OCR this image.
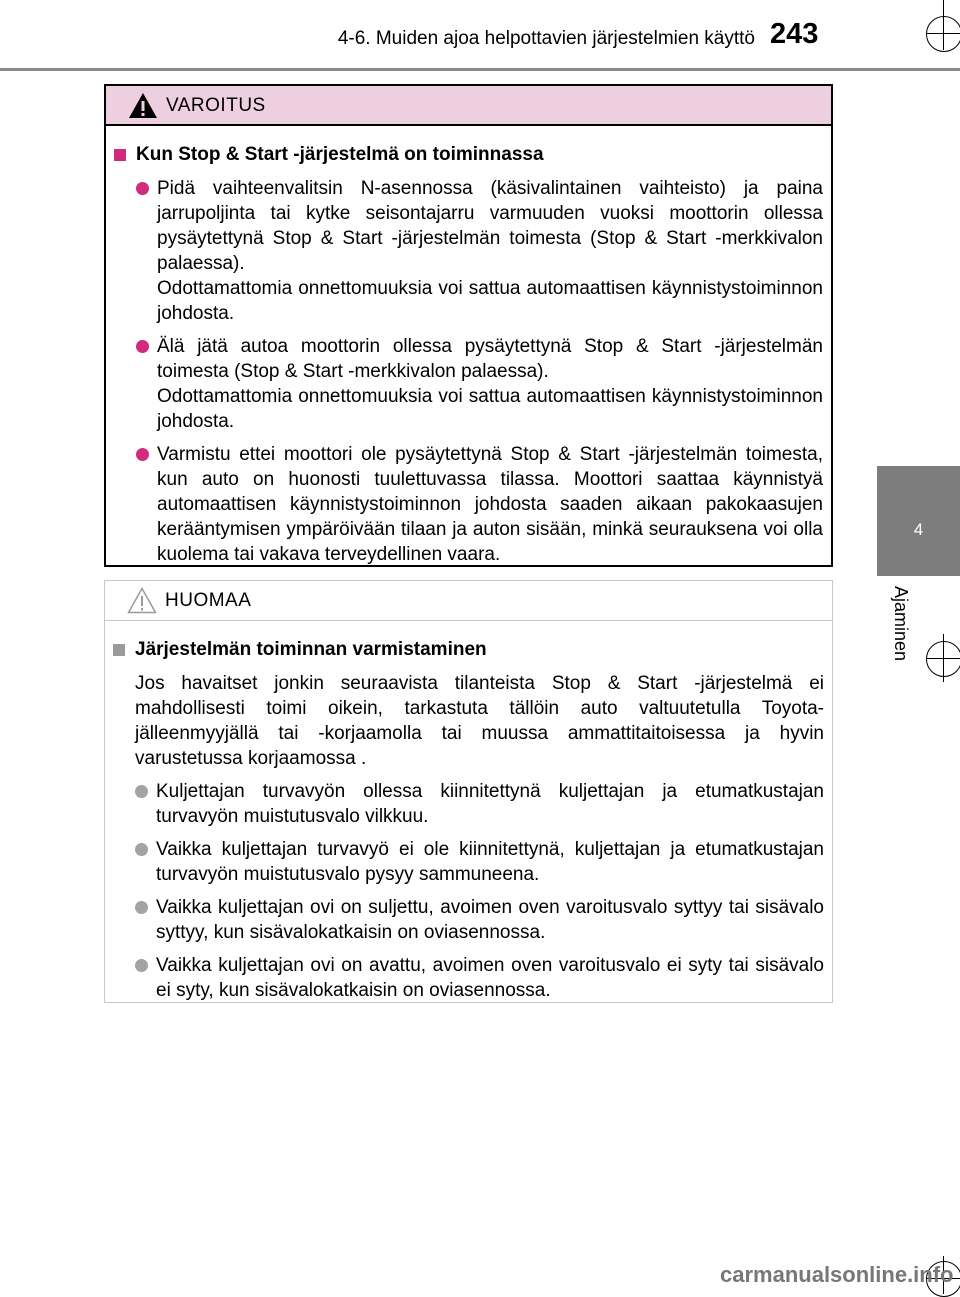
4-6. Muiden ajoa helpottavien järjestelmien käyttö 243
4
Ajaminen
VAROITUS
Kun Stop & Start -järjestelmä on toiminnassa
Pidä vaihteenvalitsin N-asennossa (käsivalintainen vaihteisto) ja paina jarrupoljinta tai kytke seisontajarru varmuuden vuoksi moottorin ollessa pysäytettynä Stop & Start -järjestelmän toimesta (Stop & Start -merkkivalon palaessa).
Odottamattomia onnettomuuksia voi sattua automaattisen käynnistystoiminnon johdosta.
Älä jätä autoa moottorin ollessa pysäytettynä Stop & Start -järjestelmän toimesta (Stop & Start -merkkivalon palaessa).
Odottamattomia onnettomuuksia voi sattua automaattisen käynnistystoiminnon johdosta.
Varmistu ettei moottori ole pysäytettynä Stop & Start -järjestelmän toimesta, kun auto on huonosti tuulettuvassa tilassa. Moottori saattaa käynnistyä automaattisen käynnistystoiminnon johdosta saaden aikaan pakokaasujen kerääntymisen ympäröivään tilaan ja auton sisään, minkä seurauksena voi olla kuolema tai vakava terveydellinen vaara.
HUOMAA
Järjestelmän toiminnan varmistaminen
Jos havaitset jonkin seuraavista tilanteista Stop & Start -järjestelmä ei mahdollisesti toimi oikein, tarkastuta tällöin auto valtuutetulla Toyota-jälleenmyyjällä tai -korjaamolla tai muussa ammattitaitoisessa ja hyvin varustetussa korjaamossa .
Kuljettajan turvavyön ollessa kiinnitettynä kuljettajan ja etumatkustajan turvavyön muistutusvalo vilkkuu.
Vaikka kuljettajan turvavyö ei ole kiinnitettynä, kuljettajan ja etumatkustajan turvavyön muistutusvalo pysyy sammuneena.
Vaikka kuljettajan ovi on suljettu, avoimen oven varoitusvalo syttyy tai sisävalo syttyy, kun sisävalokatkaisin on oviasennossa.
Vaikka kuljettajan ovi on avattu, avoimen oven varoitusvalo ei syty tai sisävalo ei syty, kun sisävalokatkaisin on oviasennossa.
carmanualsonline.info
